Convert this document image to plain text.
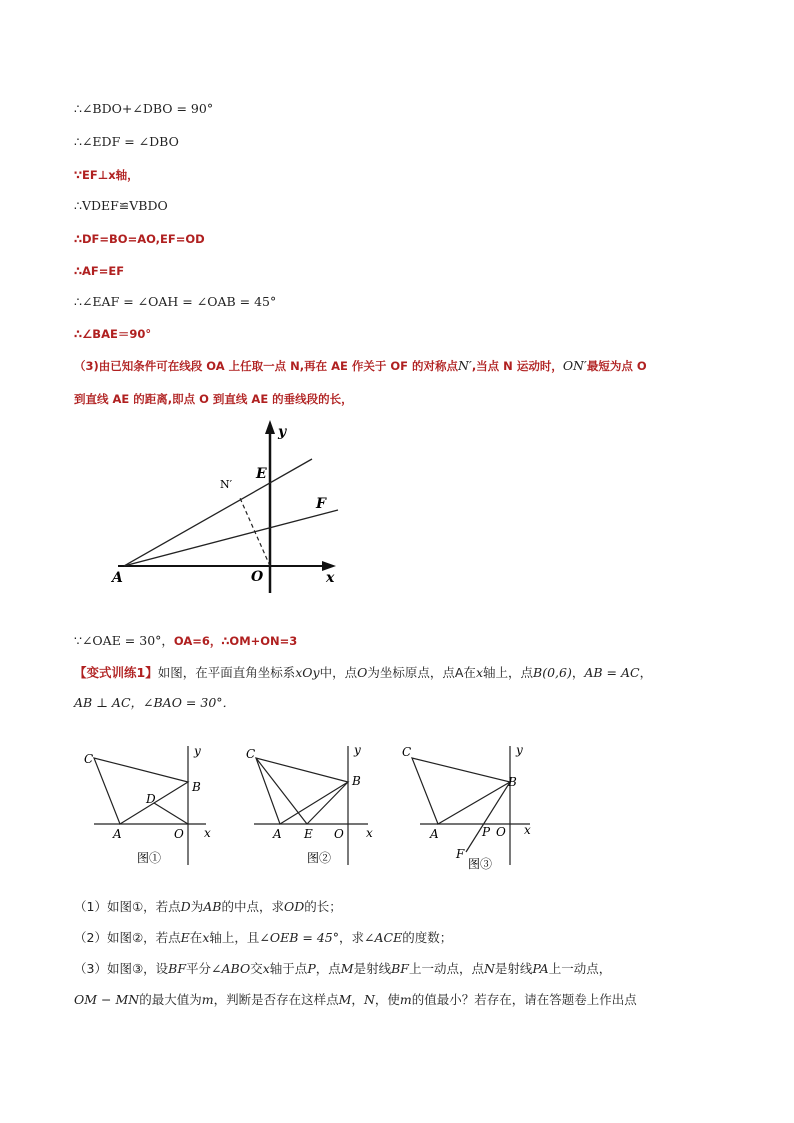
∴∠BDO+∠DBO = 90°
∴∠EDF = ∠DBO
∵EF⊥x轴，
∴VDEF≌VBDO
∴DF=BO=AO,EF=OD
∴AF=EF
∴∠EAF = ∠OAH = ∠OAB = 45°
∴∠BAE＝90°
（3)由已知条件可在线段 OA 上任取一点 N,再在 AE 作关于 OF 的对称点N′,当点 N 运动时，ON′最短为点 O
到直线 AE 的距离,即点 O 到直线 AE 的垂线段的长，
y
E
N′
F
A	O	x
∵∠OAE = 30°，OA=6，∴OM+ON=3
【变式训练1】如图，在平面直角坐标系xOy中，点O为坐标原点，点A在x轴上，点B(0,6)，AB = AC，
AB ⊥ AC，∠BAO = 30°．
C
y
B
D
A	O x
图①
C	y
B
A E O x
图②
C	y
B
A	P O x
F
图③
（1）如图①，若点D为AB的中点，求OD的长；
（2）如图②，若点E在x轴上，且∠OEB = 45°，求∠ACE的度数；
（3）如图③，设BF平分∠ABO交x轴于点P，点M是射线BF上一动点，点N是射线PA上一动点，
OM − MN的最大值为m，判断是否存在这样点M，N，使m的值最小？若存在，请在答题卷上作出点
